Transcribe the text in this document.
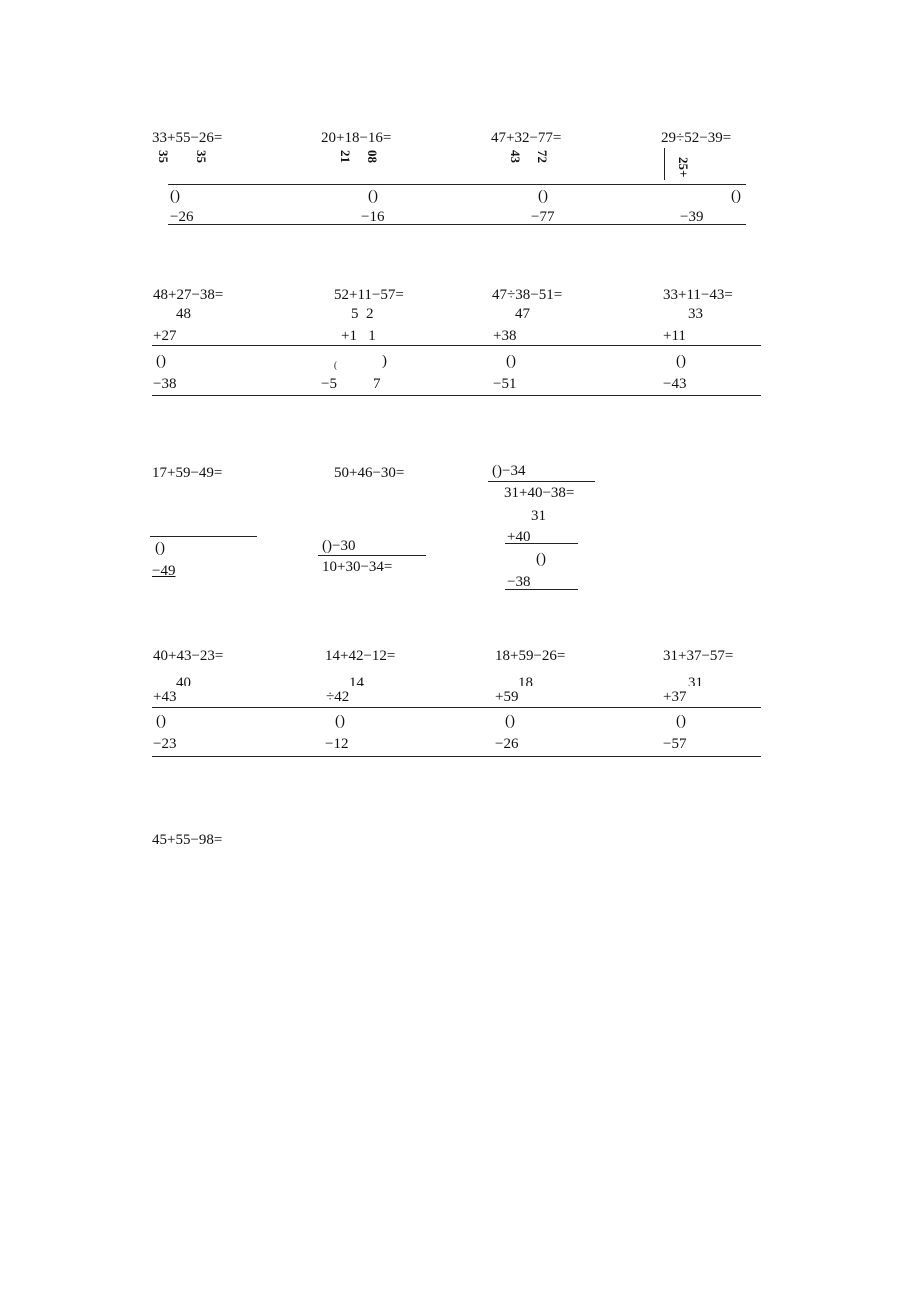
33+55−26=
35 35
()
−26
20+18−16=
21 08
()
−16
47+32−77=
43 72
()
−77
29÷52−39=
25+
()
−39
48+27−38=
48
+27
()
−38
52+11−57=
5  2
+1   1
(	)
−5 7
47÷38−51=
47
+38
()
−51
33+11−43=
33
+11
()
−43
17+59−49=
()
−49
50+46−30=
()−30
10+30−34=
()−34
31+40−38=
31
+40
()
−38
40+43−23=
40
+43
()
−23
14+42−12=
14
÷42
()
−12
18+59−26=
18
+59
()
−26
31+37−57=
31
+37
()
−57
45+55−98=
